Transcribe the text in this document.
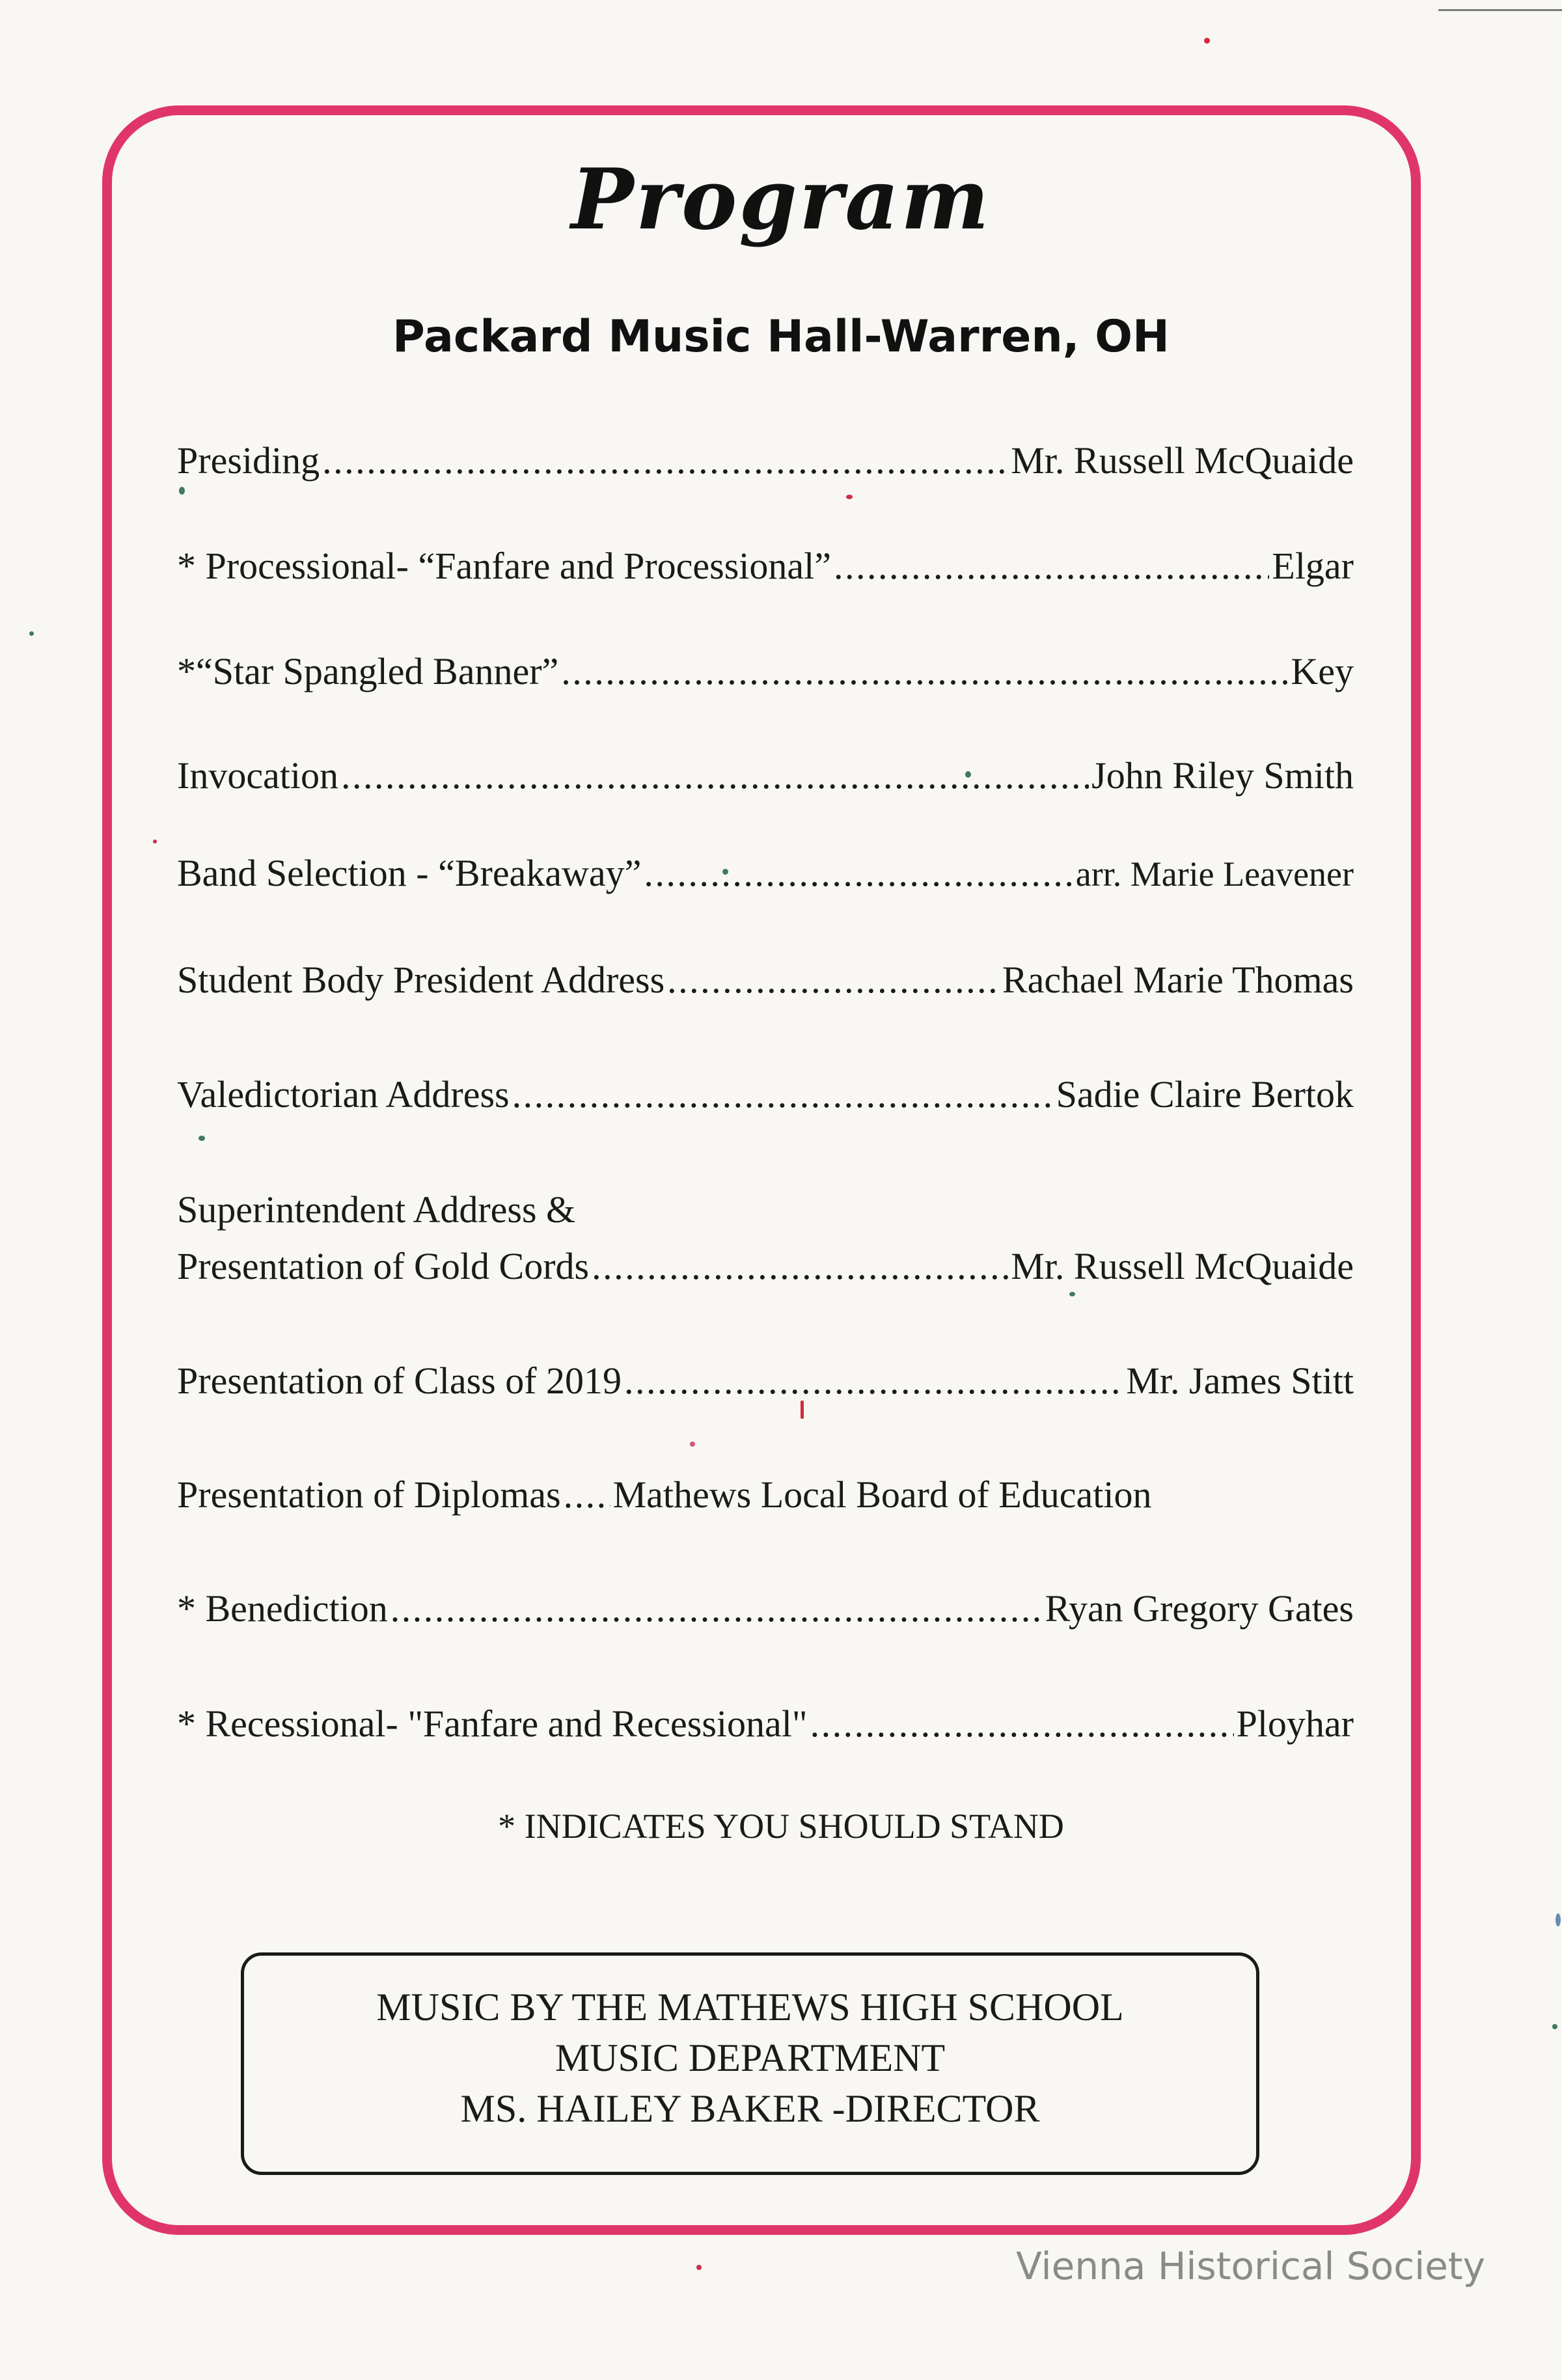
Program
Packard Music Hall-Warren, OH
Presiding . . .	Mr. Russell McQuaide
* Processional- “Fanfare and Processional” . . .	Elgar
*“Star Spangled Banner” . . .	Key
Invocation . . .	John Riley Smith
Band Selection - “Breakaway” . . .	arr. Marie Leavener
Student Body President Address . . .	Rachael Marie Thomas
Valedictorian Address . . .	Sadie Claire Bertok
Superintendent Address &
Presentation of Gold Cords . . .	Mr. Russell McQuaide
Presentation of Class of 2019 . . .	Mr. James Stitt
Presentation of Diplomas . . . Mathews Local Board of Education
* Benediction . . .	Ryan Gregory Gates
* Recessional- "Fanfare and Recessional" . . .	Ployhar
* INDICATES YOU SHOULD STAND
MUSIC BY THE MATHEWS HIGH SCHOOL
MUSIC DEPARTMENT
MS. HAILEY BAKER -DIRECTOR
Vienna Historical Society
